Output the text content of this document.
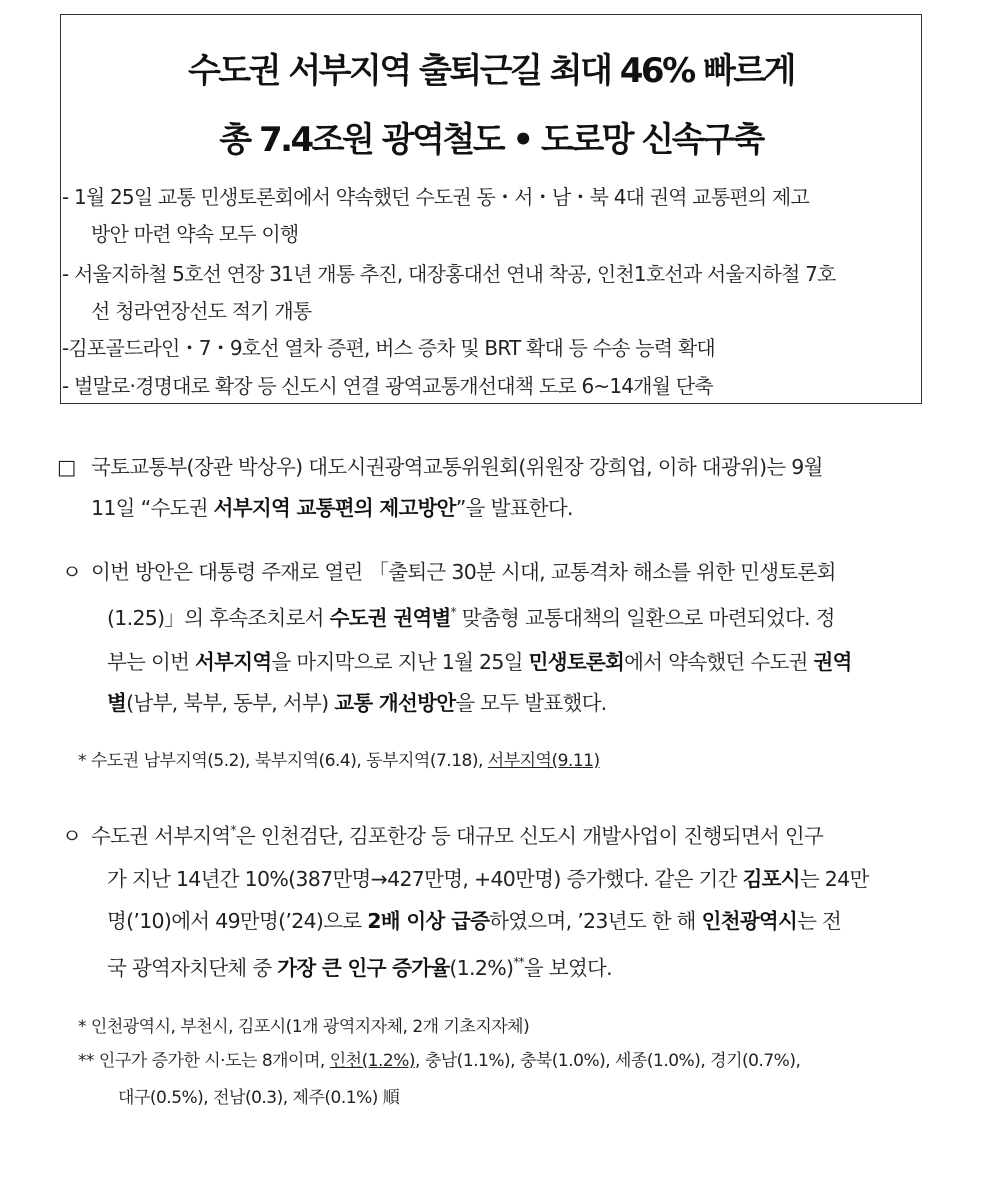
수도권 서부지역 출퇴근길 최대 46% 빠르게
총 7.4조원 광역철도 • 도로망 신속구축
- 1월 25일 교통 민생토론회에서 약속했던 수도권 동・서・남・북 4대 권역 교통편의 제고
방안 마련 약속 모두 이행
- 서울지하철 5호선 연장 31년 개통 추진, 대장홍대선 연내 착공, 인천1호선과 서울지하철 7호
선 청라연장선도 적기 개통
-김포골드라인・7・9호선 열차 증편, 버스 증차 및 BRT 확대 등 수송 능력 확대
- 벌말로·경명대로 확장 등 신도시 연결 광역교통개선대책 도로 6~14개월 단축
□ 국토교통부(장관 박상우) 대도시권광역교통위원회(위원장 강희업, 이하 대광위)는 9월
11일 “수도권 서부지역 교통편의 제고방안”을 발표한다.
ㅇ 이번 방안은 대통령 주재로 열린 「출퇴근 30분 시대, 교통격차 해소를 위한 민생토론회
(1.25)」의 후속조치로서 수도권 권역별* 맞춤형 교통대책의 일환으로 마련되었다. 정
부는 이번 서부지역을 마지막으로 지난 1월 25일 민생토론회에서 약속했던 수도권 권역
별(남부, 북부, 동부, 서부) 교통 개선방안을 모두 발표했다.
* 수도권 남부지역(5.2), 북부지역(6.4), 동부지역(7.18), 서부지역(9.11)
ㅇ 수도권 서부지역*은 인천검단, 김포한강 등 대규모 신도시 개발사업이 진행되면서 인구
가 지난 14년간 10%(387만명→427만명, +40만명) 증가했다. 같은 기간 김포시는 24만
명(’10)에서 49만명(’24)으로 2배 이상 급증하였으며, ’23년도 한 해 인천광역시는 전
국 광역자치단체 중 가장 큰 인구 증가율(1.2%)**을 보였다.
* 인천광역시, 부천시, 김포시(1개 광역지자체, 2개 기초지자체)
** 인구가 증가한 시·도는 8개이며, 인천(1.2%), 충남(1.1%), 충북(1.0%), 세종(1.0%), 경기(0.7%),
대구(0.5%), 전남(0.3), 제주(0.1%) 順
